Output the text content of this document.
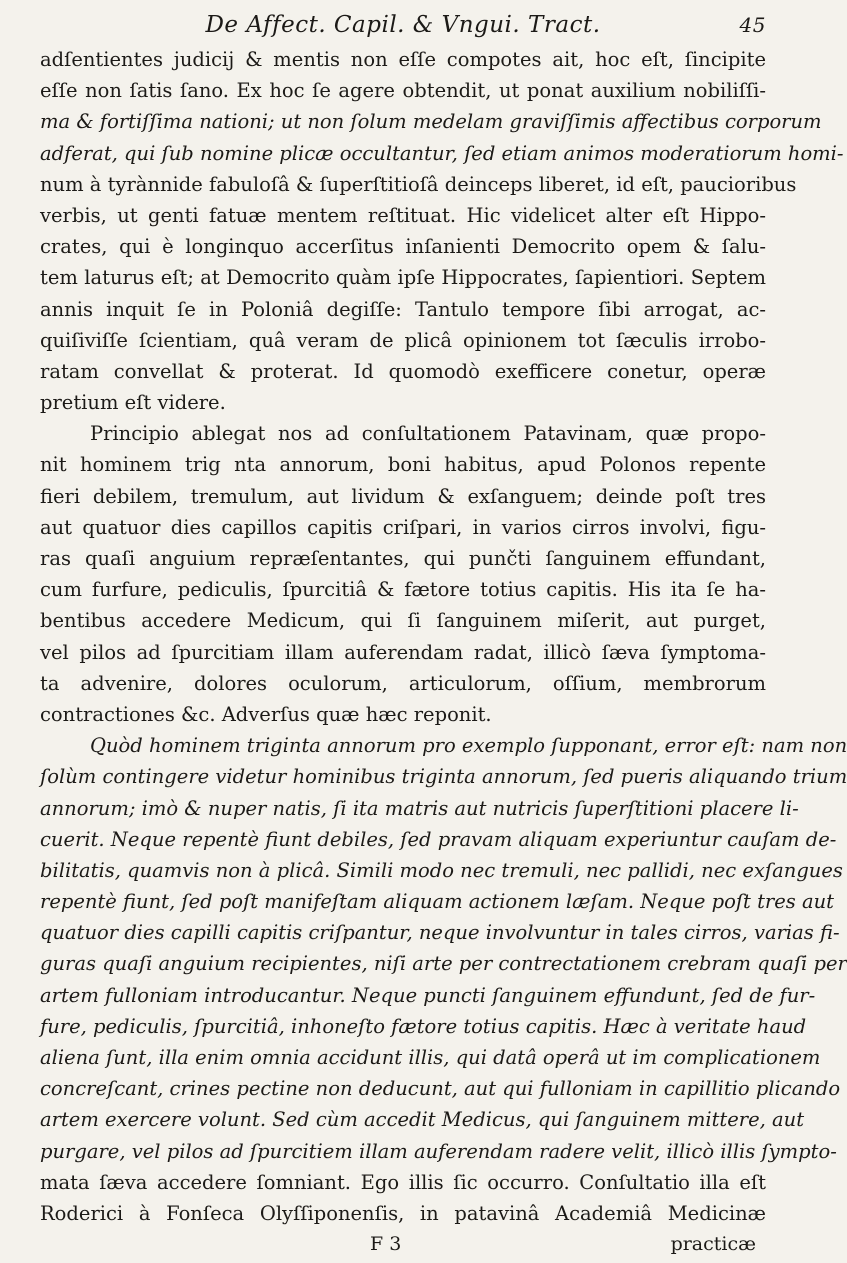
De Affect. Capil. & Vngui. Tract.	45
adſentientes judicij & mentis non eſſe compotes ait, hoc eſt, ſincipite
eſſe non ſatis ſano. Ex hoc ſe agere obtendit, ut ponat auxilium nobiliſſi-
ma & fortiſſima nationi; ut non ſolum medelam graviſſimis affectibus corporum
adferat, qui ſub nomine plicæ occultantur, ſed etiam animos moderatiorum homi-
num à tyrànnide fabuloſâ & ſuperſtitioſâ deinceps liberet, id eſt, paucioribus
verbis, ut genti fatuæ mentem reſtituat. Hic videlicet alter eſt Hippo-
crates, qui è longinquo accerſitus inſanienti Democrito opem & ſalu-
tem laturus eſt; at Democrito quàm ipſe Hippocrates, ſapientiori. Septem
annis inquit ſe in Poloniâ degiſſe: Tantulo tempore ſibi arrogat, ac-
quiſiviſſe ſcientiam, quâ veram de plicâ opinionem tot ſæculis irrobo-
ratam convellat & proterat. Id quomodò exefficere conetur, operæ
pretium eſt videre.
Principio ablegat nos ad conſultationem Patavinam, quæ propo-
nit hominem trig nta annorum, boni habitus, apud Polonos repente
fieri debilem, tremulum, aut lividum & exſanguem; deinde poſt tres
aut quatuor dies capillos capitis criſpari, in varios cirros involvi, figu-
ras quaſi anguium repræſentantes, qui punčti ſanguinem effundant,
cum furfure, pediculis, ſpurcitiâ & fætore totius capitis. His ita ſe ha-
bentibus accedere Medicum, qui ſi ſanguinem miſerit, aut purget,
vel pilos ad ſpurcitiam illam auferendam radat, illicò ſæva ſymptoma-
ta advenire, dolores oculorum, articulorum, oſſium, membrorum
contractiones &c. Adverſus quæ hæc reponit.
Quòd hominem triginta annorum pro exemplo ſupponant, error eſt: nam non
ſolùm contingere videtur hominibus triginta annorum, ſed pueris aliquando trium
annorum; imò & nuper natis, ſi ita matris aut nutricis ſuperſtitioni placere li-
cuerit. Neque repentè fiunt debiles, ſed pravam aliquam experiuntur cauſam de-
bilitatis, quamvis non à plicâ. Simili modo nec tremuli, nec pallidi, nec exſangues
repentè fiunt, ſed poſt manifeſtam aliquam actionem læſam. Neque poſt tres aut
quatuor dies capilli capitis criſpantur, neque involvuntur in tales cirros, varias fi-
guras quaſi anguium recipientes, niſi arte per contrectationem crebram quaſi per
artem fulloniam introducantur. Neque puncti ſanguinem effundunt, ſed de fur-
fure, pediculis, ſpurcitiâ, inhoneſto fætore totius capitis. Hæc à veritate haud
aliena ſunt, illa enim omnia accidunt illis, qui datâ operâ ut im complicationem
concreſcant, crines pectine non deducunt, aut qui fulloniam in capillitio plicando
artem exercere volunt. Sed cùm accedit Medicus, qui ſanguinem mittere, aut
purgare, vel pilos ad ſpurcitiem illam auferendam radere velit, illicò illis ſympto-
mata ſæva accedere ſomniant. Ego illis ſic occurro. Conſultatio illa eſt
Roderici à Fonſeca Olyſſiponenſis, in patavinâ Academiâ Medicinæ
F 3	practicæ
